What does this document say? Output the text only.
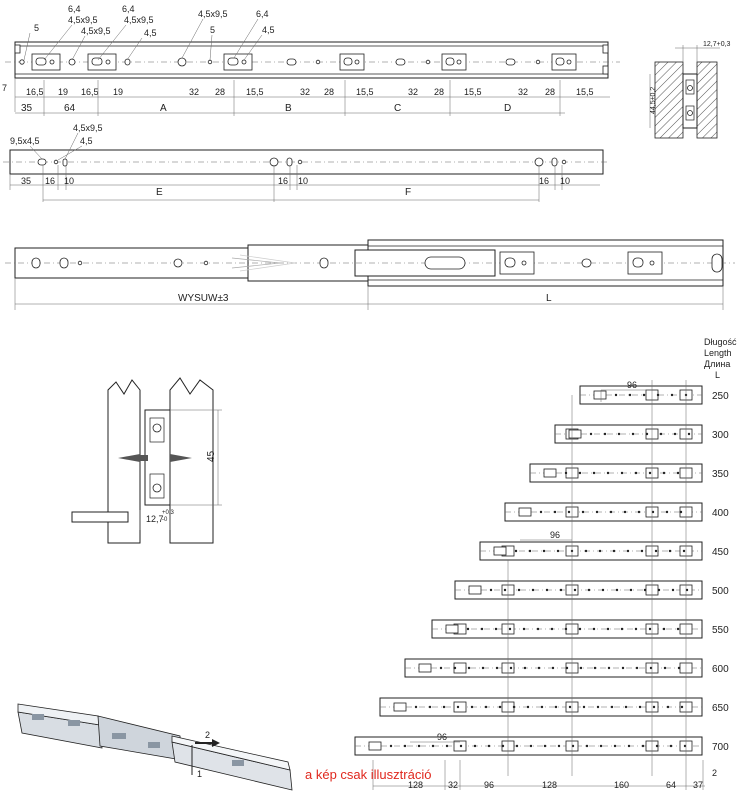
5
6,4
4,5x9,5
4,5x9,5
6,4
4,5x9,5
4,5
4,5x9,5
5
6,4
4,5
7 16,5 19 16,5 19	32 28 15,5	32 28 15,5	32 28 15,5	32 28 15,5
35	64	A	B	C	D
12,7+0,3
44,5±0,2
4,5x9,5
9,5x4,5	4,5
35 16 10	16 10	16 10
E	F
WYSUW±3	L
45
12,7
+0,3
-0
Długość
Length
Длина
L
250
300
350
400
450
500
550
600
650
700
96
96
96
128	32	96	128	160	64 37
2
2
1	a kép csak illusztráció
